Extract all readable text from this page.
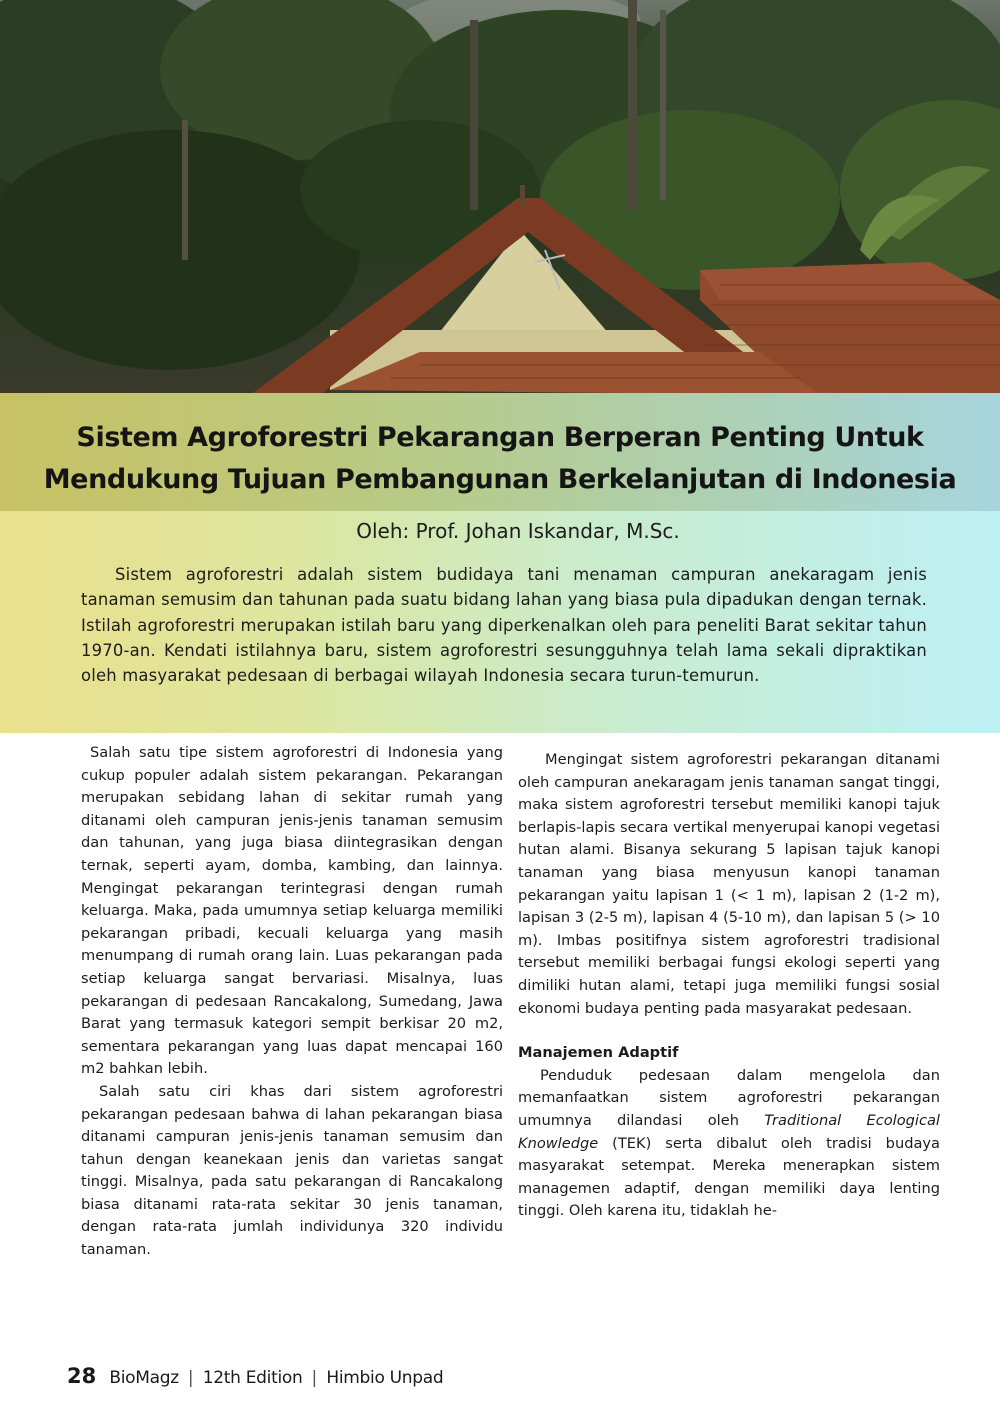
Sistem Agroforestri Pekarangan Berperan Penting Untuk
Mendukung Tujuan Pembangunan Berkelanjutan di Indonesia

Oleh: Prof. Johan Iskandar, M.Sc.

Sistem agroforestri adalah sistem budidaya tani menaman campuran anekaragam jenis tanaman semusim dan tahunan pada suatu bidang lahan yang biasa pula dipadukan dengan ternak. Istilah agroforestri merupakan istilah baru yang diperkenalkan oleh para peneliti Barat sekitar tahun 1970-an. Kendati istilahnya baru, sistem agroforestri sesungguhnya telah lama sekali dipraktikan oleh masyarakat pedesaan di berbagai wilayah Indonesia secara turun-temurun.

Salah satu tipe sistem agroforestri di Indonesia yang cukup populer adalah sistem pekarangan. Pekarangan merupakan sebidang lahan di sekitar rumah yang ditanami oleh campuran jenis-jenis tanaman semusim dan tahunan, yang juga biasa diintegrasikan dengan ternak, seperti ayam, domba, kambing, dan lainnya. Mengingat pekarangan terintegrasi dengan rumah keluarga. Maka, pada umumnya setiap keluarga memiliki pekarangan pribadi, kecuali keluarga yang masih menumpang di rumah orang lain. Luas pekarangan pada setiap keluarga sangat bervariasi. Misalnya, luas pekarangan di pedesaan Rancakalong, Sumedang, Jawa Barat yang termasuk kategori sempit berkisar 20 m2, sementara pekarangan yang luas dapat mencapai 160 m2 bahkan lebih.

Salah satu ciri khas dari sistem agroforestri pekarangan pedesaan bahwa di lahan pekarangan biasa ditanami campuran jenis-jenis tanaman semusim dan tahun dengan keanekaan jenis dan varietas sangat tinggi. Misalnya, pada satu pekarangan di Rancakalong biasa ditanami rata-rata sekitar 30 jenis tanaman, dengan rata-rata jumlah individunya 320 individu tanaman.

Mengingat sistem agroforestri pekarangan ditanami oleh campuran anekaragam jenis tanaman sangat tinggi, maka sistem agroforestri tersebut memiliki kanopi tajuk berlapis-lapis secara vertikal menyerupai kanopi vegetasi hutan alami. Bisanya sekurang 5 lapisan tajuk kanopi tanaman yang biasa menyusun kanopi tanaman pekarangan yaitu lapisan 1 (< 1 m), lapisan 2 (1-2 m), lapisan 3 (2-5 m), lapisan 4 (5-10 m), dan lapisan 5 (> 10 m). Imbas positifnya sistem agroforestri tradisional tersebut memiliki berbagai fungsi ekologi seperti yang dimiliki hutan alami, tetapi juga memiliki fungsi sosial ekonomi budaya penting pada masyarakat pedesaan.

Manajemen Adaptif

Penduduk pedesaan dalam mengelola dan memanfaatkan sistem agroforestri pekarangan umumnya dilandasi oleh Traditional Ecological Knowledge (TEK) serta dibalut oleh tradisi budaya masyarakat setempat. Mereka menerapkan sistem managemen adaptif, dengan memiliki daya lenting tinggi. Oleh karena itu, tidaklah he-

28 BioMagz | 12th Edition | Himbio Unpad
